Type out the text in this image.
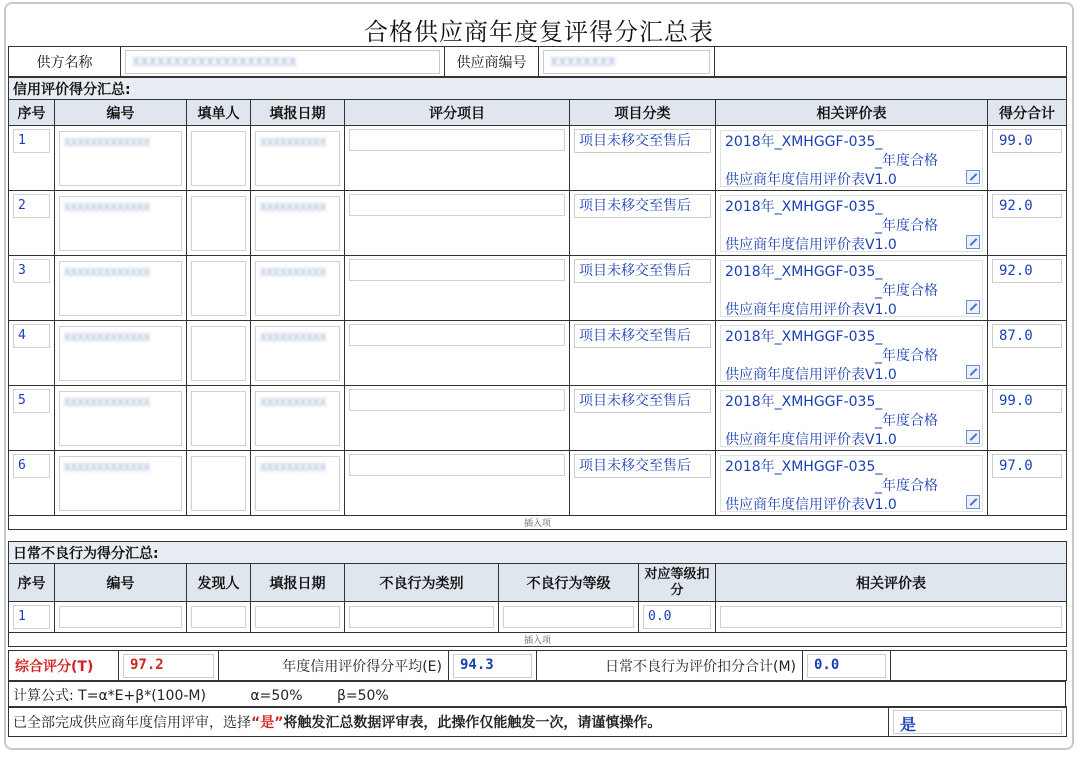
合格供应商年度复评得分汇总表
供方名称	XXXXXXXXXXXXXXXXXXXX	供应商编号	XXXXXXXX

信用评价得分汇总:							
序号	编号	填单人	填报日期	评分项目	项目分类	相关评价表	得分合计

1	XXXXXXXXXXXXX		XXXXXXXXXX		项目未移交至售后	2018年_XMHGGF-035_
_年度合格
供应商年度信用评价表V1.0	99.0

2	XXXXXXXXXXXXX		XXXXXXXXXX		项目未移交至售后	2018年_XMHGGF-035_
_年度合格
供应商年度信用评价表V1.0	92.0

3	XXXXXXXXXXXXX		XXXXXXXXXX		项目未移交至售后	2018年_XMHGGF-035_
_年度合格
供应商年度信用评价表V1.0	92.0

4	XXXXXXXXXXXXX		XXXXXXXXXX		项目未移交至售后	2018年_XMHGGF-035_
_年度合格
供应商年度信用评价表V1.0	87.0

5	XXXXXXXXXXXXX		XXXXXXXXXX		项目未移交至售后	2018年_XMHGGF-035_
_年度合格
供应商年度信用评价表V1.0	99.0

6	XXXXXXXXXXXXX		XXXXXXXXXX		项目未移交至售后	2018年_XMHGGF-035_
_年度合格
供应商年度信用评价表V1.0	97.0

插入项							
日常不良行为得分汇总:							
序号	编号	发现人	填报日期	不良行为类别	不良行为等级	对应等级扣分	相关评价表

1						0.0	

插入项							
综合评分(T)	97.2	年度信用评价得分平均(E)	94.3	日常不良行为评价扣分合计(M)	0.0

计算公式: T=α*E+β*(100-M)	α=50% β=50%
已全部完成供应商年度信用评审，选择“是”将触发汇总数据评审表，此操作仅能触发一次，请谨慎操作。	是
